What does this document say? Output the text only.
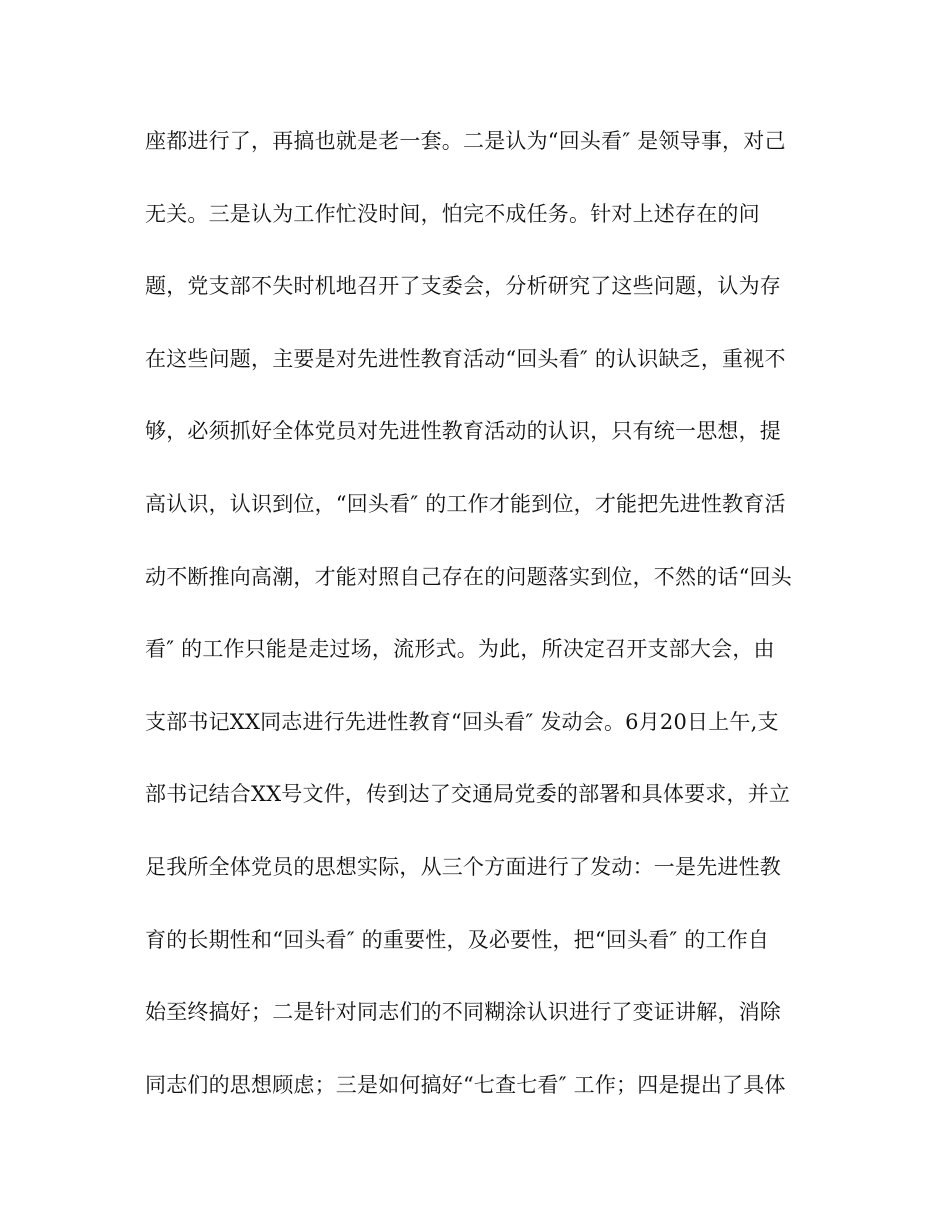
座都进行了，再搞也就是老一套。二是认为“回头看″ 是领导事，对己
无关。三是认为工作忙没时间，怕完不成任务。针对上述存在的问
题，党支部不失时机地召开了支委会，分析研究了这些问题，认为存
在这些问题，主要是对先进性教育活动“回头看″ 的认识缺乏，重视不
够，必须抓好全体党员对先进性教育活动的认识，只有统一思想，提
高认识，认识到位，“回头看″ 的工作才能到位，才能把先进性教育活
动不断推向高潮，才能对照自己存在的问题落实到位，不然的话“回头
看″ 的工作只能是走过场，流形式。为此，所决定召开支部大会，由
支部书记XX同志进行先进性教育“回头看″ 发动会。6月20日上午,支
部书记结合XX号文件，传到达了交通局党委的部署和具体要求，并立
足我所全体党员的思想实际，从三个方面进行了发动：一是先进性教
育的长期性和“回头看″ 的重要性，及必要性，把“回头看″ 的工作自
始至终搞好；二是针对同志们的不同糊涂认识进行了变证讲解，消除
同志们的思想顾虑；三是如何搞好“七查七看″ 工作；四是提出了具体
